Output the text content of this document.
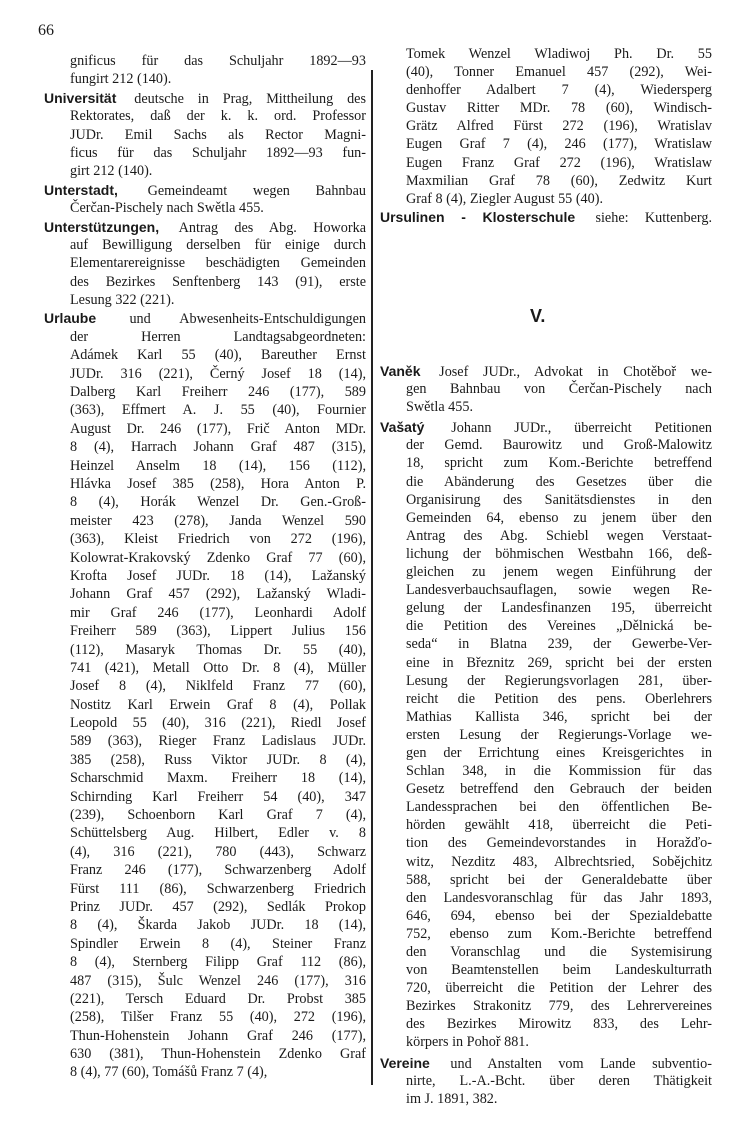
66
gnificus für das Schuljahr 1892—93
fungirt 212 (140).
Universität deutsche in Prag, Mittheilung des
Rektorates, daß der k. k. ord. Professor
JUDr. Emil Sachs als Rector Magni-
ficus für das Schuljahr 1892—93 fun-
girt 212 (140).
Unterstadt, Gemeindeamt wegen Bahnbau
Čerčan-Pischely nach Swětla 455.
Unterstützungen, Antrag des Abg. Howorka
auf Bewilligung derselben für einige durch
Elementarereignisse beschädigten Gemeinden
des Bezirkes Senftenberg 143 (91), erste
Lesung 322 (221).
Urlaube und Abwesenheits-Entschuldigungen
der Herren Landtagsabgeordneten:
Adámek Karl 55 (40), Bareuther Ernst
JUDr. 316 (221), Černý Josef 18 (14),
Dalberg Karl Freiherr 246 (177), 589
(363), Effmert A. J. 55 (40), Fournier
August Dr. 246 (177), Frič Anton MDr.
8 (4), Harrach Johann Graf 487 (315),
Heinzel Anselm 18 (14), 156 (112),
Hlávka Josef 385 (258), Hora Anton P.
8 (4), Horák Wenzel Dr. Gen.-Groß-
meister 423 (278), Janda Wenzel 590
(363), Kleist Friedrich von 272 (196),
Kolowrat-Krakovský Zdenko Graf 77 (60),
Krofta Josef JUDr. 18 (14), Lažanský
Johann Graf 457 (292), Lažanský Wladi-
mir Graf 246 (177), Leonhardi Adolf
Freiherr 589 (363), Lippert Julius 156
(112), Masaryk Thomas Dr. 55 (40),
741 (421), Metall Otto Dr. 8 (4), Müller
Josef 8 (4), Niklfeld Franz 77 (60),
Nostitz Karl Erwein Graf 8 (4), Pollak
Leopold 55 (40), 316 (221), Riedl Josef
589 (363), Rieger Franz Ladislaus JUDr.
385 (258), Russ Viktor JUDr. 8 (4),
Scharschmid Maxm. Freiherr 18 (14),
Schirnding Karl Freiherr 54 (40), 347
(239), Schoenborn Karl Graf 7 (4),
Schüttelsberg Aug. Hilbert, Edler v. 8
(4), 316 (221), 780 (443), Schwarz
Franz 246 (177), Schwarzenberg Adolf
Fürst 111 (86), Schwarzenberg Friedrich
Prinz JUDr. 457 (292), Sedlák Prokop
8 (4), Škarda Jakob JUDr. 18 (14),
Spindler Erwein 8 (4), Steiner Franz
8 (4), Sternberg Filipp Graf 112 (86),
487 (315), Šulc Wenzel 246 (177), 316
(221), Tersch Eduard Dr. Probst 385
(258), Tilšer Franz 55 (40), 272 (196),
Thun-Hohenstein Johann Graf 246 (177),
630 (381), Thun-Hohenstein Zdenko Graf
8 (4), 77 (60), Tomášů Franz 7 (4),
Tomek Wenzel Wladiwoj Ph. Dr. 55
(40), Tonner Emanuel 457 (292), Wei-
denhoffer Adalbert 7 (4), Wiedersperg
Gustav Ritter MDr. 78 (60), Windisch-
Grätz Alfred Fürst 272 (196), Wratislav
Eugen Graf 7 (4), 246 (177), Wratislaw
Eugen Franz Graf 272 (196), Wratislaw
Maxmilian Graf 78 (60), Zedwitz Kurt
Graf 8 (4), Ziegler August 55 (40).
Ursulinen - Klosterschule siehe: Kuttenberg.
V.
Vaněk Josef JUDr., Advokat in Chotěboř we-
gen Bahnbau von Čerčan-Pischely nach
Swětla 455.
Vašatý Johann JUDr., überreicht Petitionen
der Gemd. Baurowitz und Groß-Malowitz
18, spricht zum Kom.-Berichte betreffend
die Abänderung des Gesetzes über die
Organisirung des Sanitätsdienstes in den
Gemeinden 64, ebenso zu jenem über den
Antrag des Abg. Schiebl wegen Verstaat-
lichung der böhmischen Westbahn 166, deß-
gleichen zu jenem wegen Einführung der
Landesverbauchsauflagen, sowie wegen Re-
gelung der Landesfinanzen 195, überreicht
die Petition des Vereines „Dělnická be-
seda“ in Blatna 239, der Gewerbe-Ver-
eine in Březnitz 269, spricht bei der ersten
Lesung der Regierungsvorlagen 281, über-
reicht die Petition des pens. Oberlehrers
Mathias Kallista 346, spricht bei der
ersten Lesung der Regierungs-Vorlage we-
gen der Errichtung eines Kreisgerichtes in
Schlan 348, in die Kommission für das
Gesetz betreffend den Gebrauch der beiden
Landessprachen bei den öffentlichen Be-
hörden gewählt 418, überreicht die Peti-
tion des Gemeindevorstandes in Horažďo-
witz, Nezditz 483, Albrechtsried, Sobějchitz
588, spricht bei der Generaldebatte über
den Landesvoranschlag für das Jahr 1893,
646, 694, ebenso bei der Spezialdebatte
752, ebenso zum Kom.-Berichte betreffend
den Voranschlag und die Systemisirung
von Beamtenstellen beim Landeskulturrath
720, überreicht die Petition der Lehrer des
Bezirkes Strakonitz 779, des Lehrervereines
des Bezirkes Mirowitz 833, des Lehr-
körpers in Pohoř 881.
Vereine und Anstalten vom Lande subventio-
nirte, L.-A.-Bcht. über deren Thätigkeit
im J. 1891, 382.
